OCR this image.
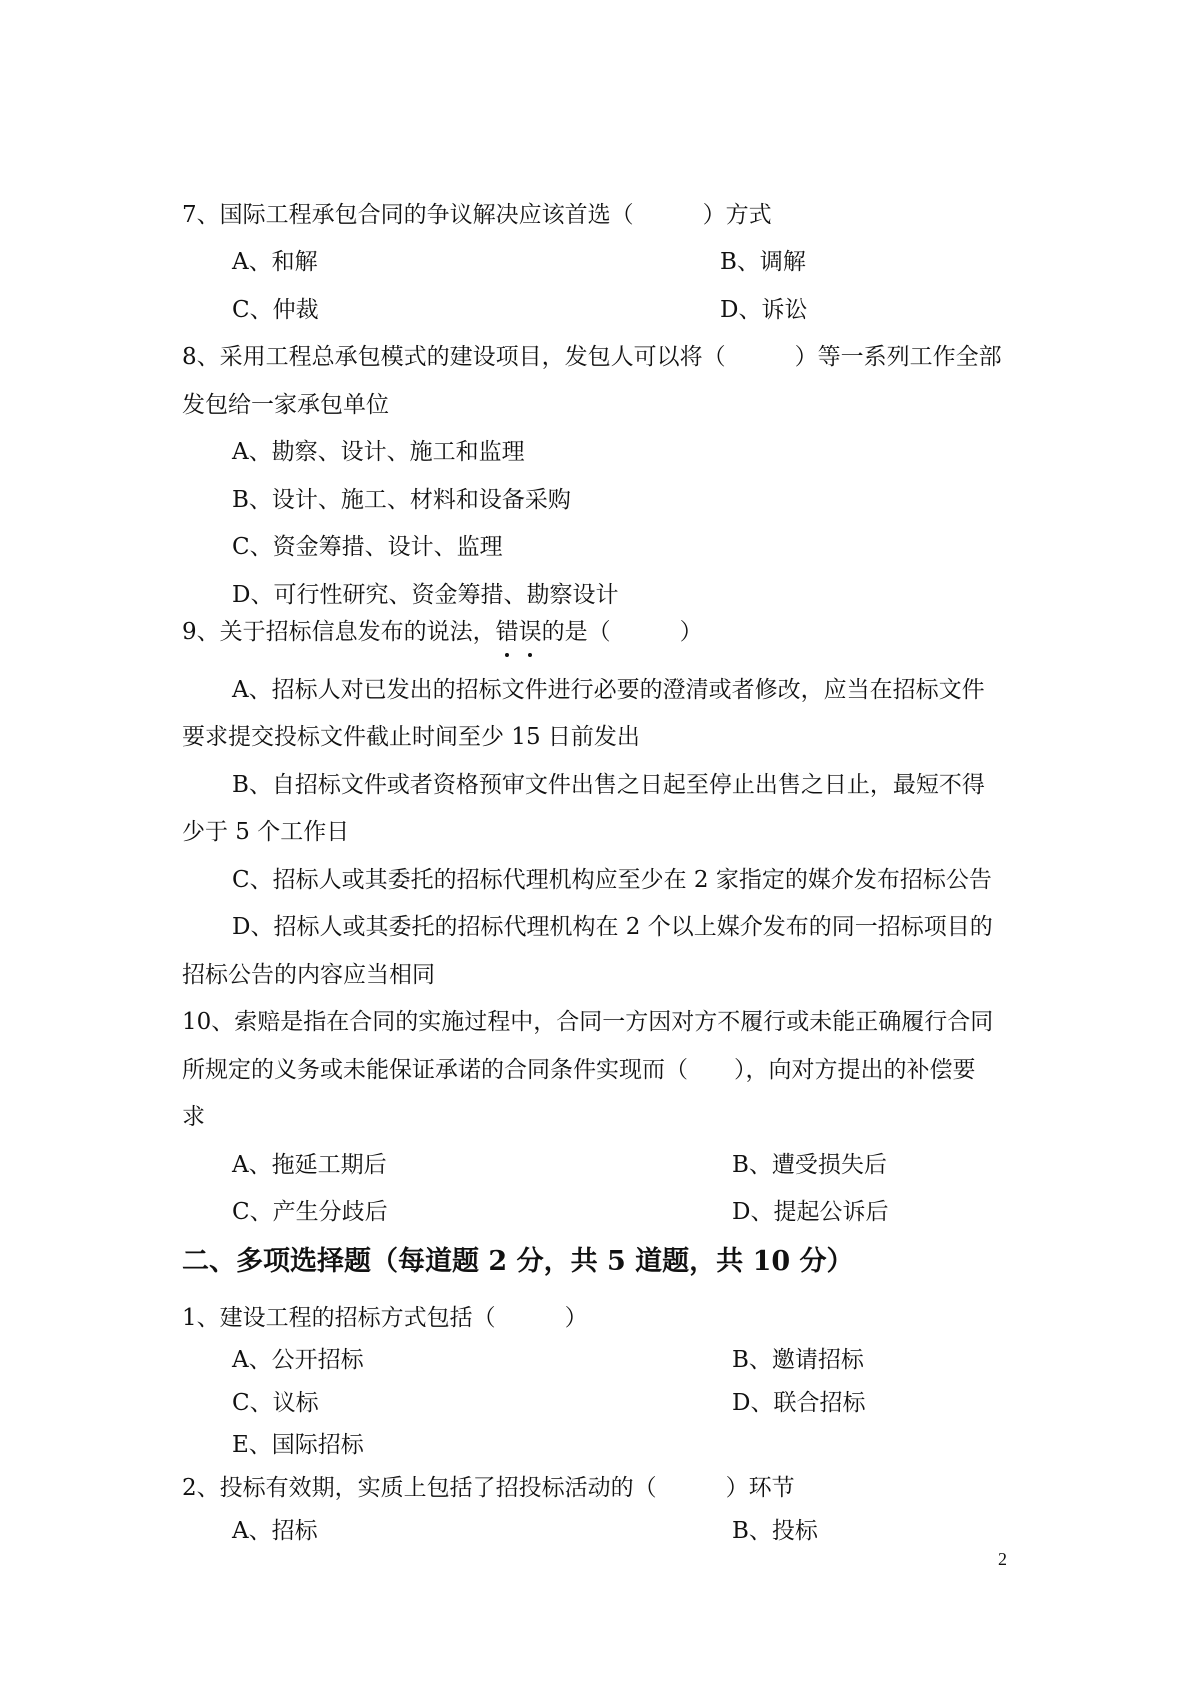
7、国际工程承包合同的争议解决应该首选（　　　）方式
A、和解	B、调解
C、仲裁	D、诉讼
8、采用工程总承包模式的建设项目，发包人可以将（　　　）等一系列工作全部
发包给一家承包单位
A、勘察、设计、施工和监理
B、设计、施工、材料和设备采购
C、资金筹措、设计、监理
D、可行性研究、资金筹措、勘察设计
9、关于招标信息发布的说法，错误的是（　　　）
A、招标人对已发出的招标文件进行必要的澄清或者修改，应当在招标文件
要求提交投标文件截止时间至少 15 日前发出
B、自招标文件或者资格预审文件出售之日起至停止出售之日止，最短不得
少于 5 个工作日
C、招标人或其委托的招标代理机构应至少在 2 家指定的媒介发布招标公告
D、招标人或其委托的招标代理机构在 2 个以上媒介发布的同一招标项目的
招标公告的内容应当相同
10、索赔是指在合同的实施过程中，合同一方因对方不履行或未能正确履行合同
所规定的义务或未能保证承诺的合同条件实现而（　　），向对方提出的补偿要
求
A、拖延工期后	B、遭受损失后
C、产生分歧后	D、提起公诉后
二、多项选择题（每道题 2 分，共 5 道题，共 10 分）
1、建设工程的招标方式包括（　　　）
A、公开招标	B、邀请招标
C、议标	D、联合招标
E、国际招标
2、投标有效期，实质上包括了招投标活动的（　　　）环节
A、招标	B、投标
2
